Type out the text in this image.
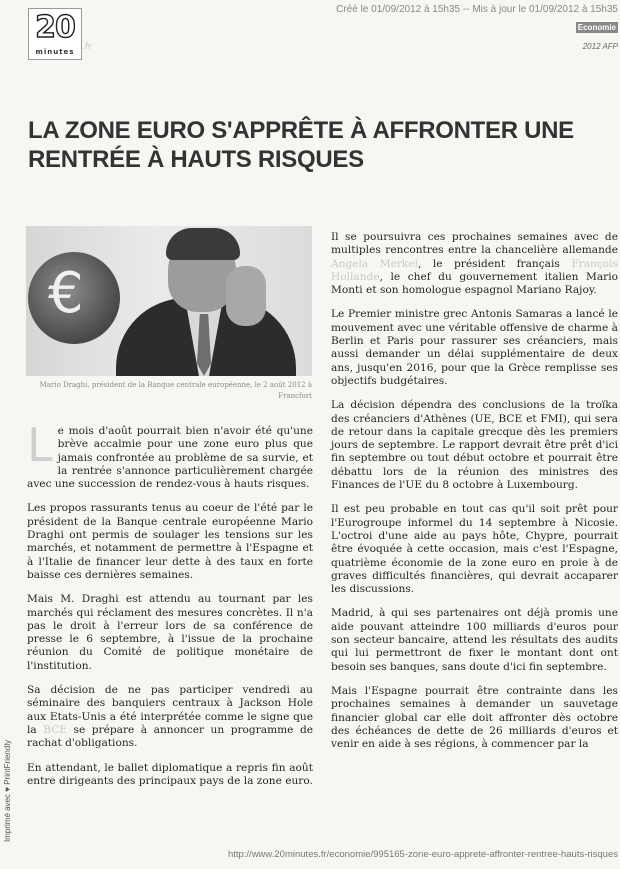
20
minutes .fr
Créé le 01/09/2012 à 15h35 -- Mis à jour le 01/09/2012 à 15h35
Economie
2012 AFP
LA ZONE EURO S'APPRÊTE À AFFRONTER UNE RENTRÉE À HAUTS RISQUES
€

Mario Draghi, président de la Banque centrale européenne, le 2 août 2012 à Francfort

L e mois d'août pourrait bien n'avoir été qu'une brève accalmie pour une zone euro plus que jamais confrontée au problème de sa survie, et la rentrée s'annonce particulièrement chargée avec une succession de rendez-vous à hauts risques.

Les propos rassurants tenus au coeur de l'été par le président de la Banque centrale européenne Mario Draghi ont permis de soulager les tensions sur les marchés, et notamment de permettre à l'Espagne et à l'Italie de financer leur dette à des taux en forte baisse ces dernières semaines.

Mais M. Draghi est attendu au tournant par les marchés qui réclament des mesures concrètes. Il n'a pas le droit à l'erreur lors de sa conférence de presse le 6 septembre, à l'issue de la prochaine réunion du Comité de politique monétaire de l'institution.

Sa décision de ne pas participer vendredi au séminaire des banquiers centraux à Jackson Hole aux Etats-Unis a été interprétée comme le signe que la BCE se prépare à annoncer un programme de rachat d'obligations.

En attendant, le ballet diplomatique a repris fin août entre dirigeants des principaux pays de la zone euro.

Il se poursuivra ces prochaines semaines avec de multiples rencontres entre la chancelière allemande Angela Merkel, le président français François Hollande, le chef du gouvernement italien Mario Monti et son homologue espagnol Mariano Rajoy.

Le Premier ministre grec Antonis Samaras a lancé le mouvement avec une véritable offensive de charme à Berlin et Paris pour rassurer ses créanciers, mais aussi demander un délai supplémentaire de deux ans, jusqu'en 2016, pour que la Grèce remplisse ses objectifs budgétaires.

La décision dépendra des conclusions de la troïka des créanciers d'Athènes (UE, BCE et FMI), qui sera de retour dans la capitale grecque dès les premiers jours de septembre. Le rapport devrait être prêt d'ici fin septembre ou tout début octobre et pourrait être débattu lors de la réunion des ministres des Finances de l'UE du 8 octobre à Luxembourg.

Il est peu probable en tout cas qu'il soit prêt pour l'Eurogroupe informel du 14 septembre à Nicosie. L'octroi d'une aide au pays hôte, Chypre, pourrait être évoquée à cette occasion, mais c'est l'Espagne, quatrième économie de la zone euro en proie à de graves difficultés financières, qui devrait accaparer les discussions.

Madrid, à qui ses partenaires ont déjà promis une aide pouvant atteindre 100 milliards d'euros pour son secteur bancaire, attend les résultats des audits qui lui permettront de fixer le montant dont ont besoin ses banques, sans doute d'ici fin septembre.

Mais l'Espagne pourrait être contrainte dans les prochaines semaines à demander un sauvetage financier global car elle doit affronter dès octobre des échéances de dette de 26 milliards d'euros et venir en aide à ses régions, à commencer par la

Imprimé avec ♥ PrintFriendly
http://www.20minutes.fr/economie/995165-zone-euro-apprete-affronter-rentree-hauts-risques
